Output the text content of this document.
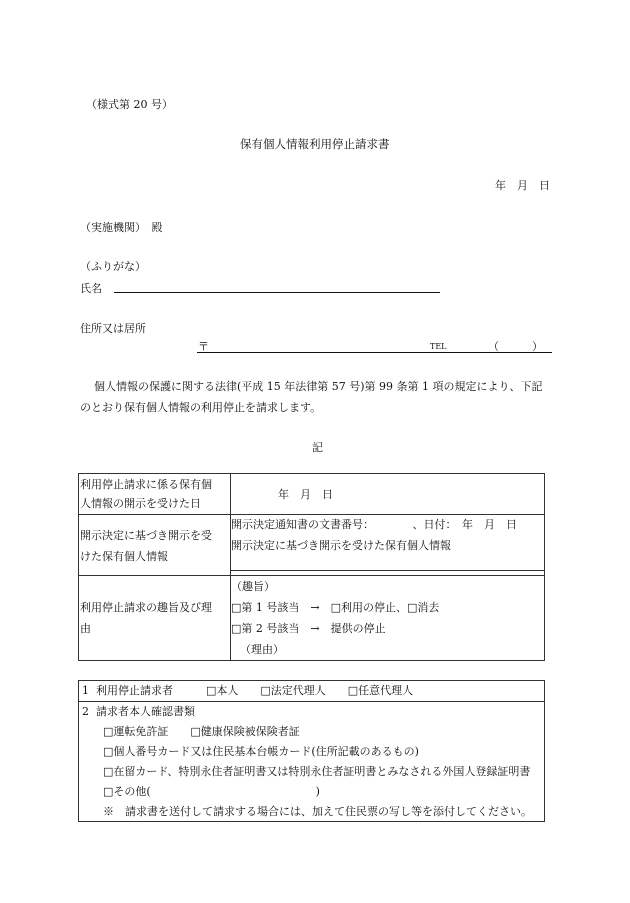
（様式第 20 号）
保有個人情報利用停止請求書
年　月　日
（実施機関）　殿
（ふりがな）
氏名
住所又は居所
〒	TEL	（　　　）
個人情報の保護に関する法律(平成 15 年法律第 57 号)第 99 条第 1 項の規定により、下記
のとおり保有個人情報の利用停止を請求します。
記
利用停止請求に係る保有個
人情報の開示を受けた日
年　月　日
開示決定に基づき開示を受
けた保有個人情報
開示決定通知書の文書番号：　　　　、日付：　年　月　日
開示決定に基づき開示を受けた保有個人情報
利用停止請求の趣旨及び理
由
（趣旨）
□第 1 号該当　→　□利用の停止、□消去
□第 2 号該当　→　提供の停止
（理由）
1 利用停止請求者　　　□本人　　□法定代理人　　□任意代理人
2 請求者本人確認書類
□運転免許証　　□健康保険被保険者証
□個人番号カード又は住民基本台帳カード(住所記載のあるもの)
□在留カード、特別永住者証明書又は特別永住者証明書とみなされる外国人登録証明書
□その他(　　　　　　　　　　　　　　　)
※　請求書を送付して請求する場合には、加えて住民票の写し等を添付してください。
